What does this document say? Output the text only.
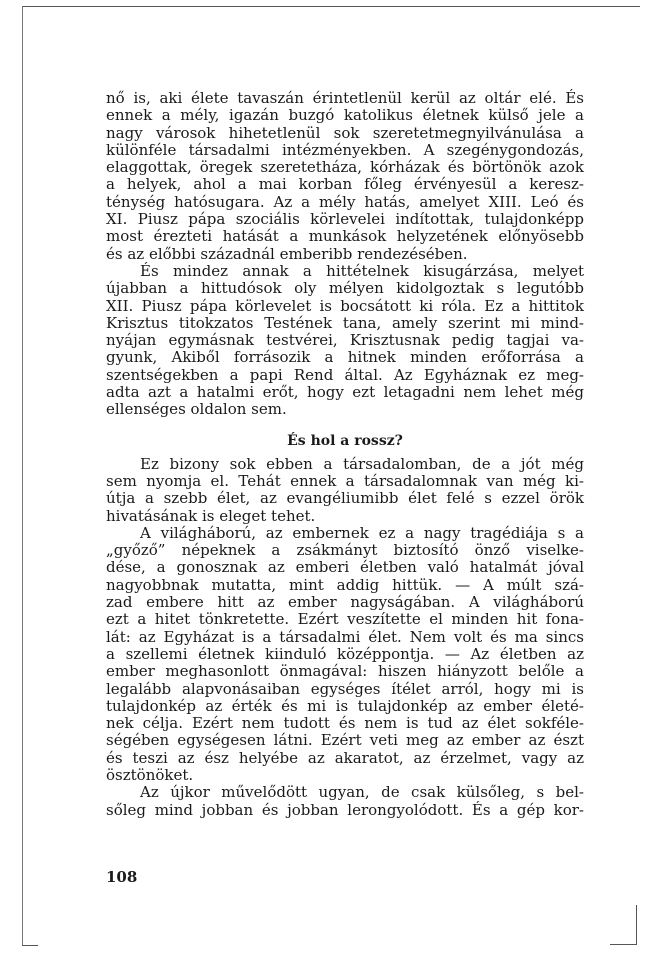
nő is, aki élete tavaszán érintetlenül kerül az oltár elé. És
ennek a mély, igazán buzgó katolikus életnek külső jele a
nagy városok hihetetlenül sok szeretetmegnyilvánulása a
különféle társadalmi intézményekben. A szegénygondozás,
elaggottak, öregek szeretetháza, kórházak és börtönök azok
a helyek, ahol a mai korban főleg érvényesül a keresz-
ténység hatósugara. Az a mély hatás, amelyet XIII. Leó és
XI. Piusz pápa szociális körlevelei indítottak, tulajdonképp
most érezteti hatását a munkások helyzetének előnyösebb
és az előbbi századnál emberibb rendezésében.

És mindez annak a hittételnek kisugárzása, melyet
újabban a hittudósok oly mélyen kidolgoztak s legutóbb
XII. Piusz pápa körlevelet is bocsátott ki róla. Ez a hittitok
Krisztus titokzatos Testének tana, amely szerint mi mind-
nyájan egymásnak testvérei, Krisztusnak pedig tagjai va-
gyunk, Akiből forrásozik a hitnek minden erőforrása a
szentségekben a papi Rend által. Az Egyháznak ez meg-
adta azt a hatalmi erőt, hogy ezt letagadni nem lehet még
ellenséges oldalon sem.

És hol a rossz?

Ez bizony sok ebben a társadalomban, de a jót még
sem nyomja el. Tehát ennek a társadalomnak van még ki-
útja a szebb élet, az evangéliumibb élet felé s ezzel örök
hivatásának is eleget tehet.

A világháború, az embernek ez a nagy tragédiája s a
„győző” népeknek a zsákmányt biztosító önző viselke-
dése, a gonosznak az emberi életben való hatalmát jóval
nagyobbnak mutatta, mint addig hittük. — A múlt szá-
zad embere hitt az ember nagyságában. A világháború
ezt a hitet tönkretette. Ezért veszítette el minden hit fona-
lát: az Egyházat is a társadalmi élet. Nem volt és ma sincs
a szellemi életnek kiinduló középpontja. — Az életben az
ember meghasonlott önmagával: hiszen hiányzott belőle a
legalább alapvonásaiban egységes ítélet arról, hogy mi is
tulajdonkép az érték és mi is tulajdonkép az ember életé-
nek célja. Ezért nem tudott és nem is tud az élet sokféle-
ségében egységesen látni. Ezért veti meg az ember az észt
és teszi az ész helyébe az akaratot, az érzelmet, vagy az
ösztönöket.

Az újkor művelődött ugyan, de csak külsőleg, s bel-
sőleg mind jobban és jobban lerongyolódott. És a gép kor-

108
